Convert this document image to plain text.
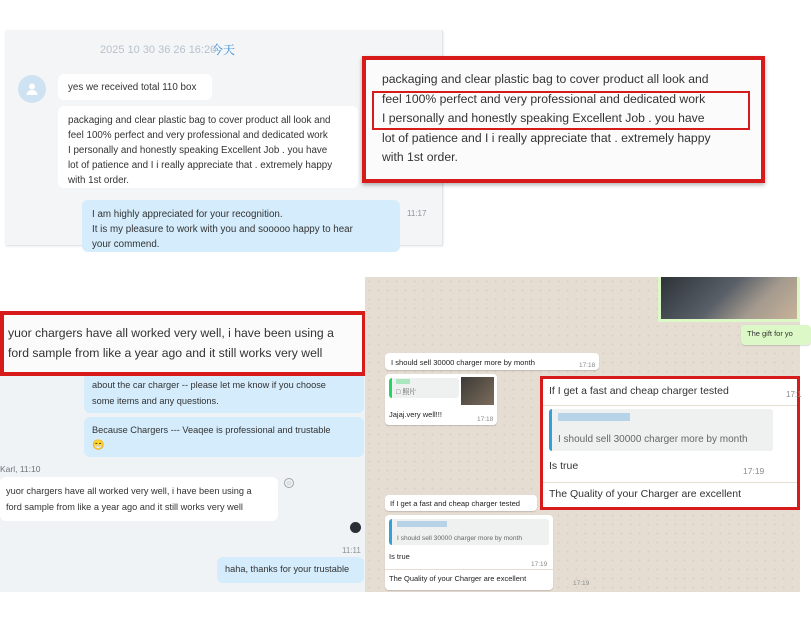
2025 10 30 36 26 16:20
今天
yes we received total 110 box
packaging and clear plastic bag to cover product all look and
feel 100% perfect and very professional and dedicated work
I personally and honestly speaking Excellent Job . you have
lot of patience and I i really appreciate that . extremely happy
with 1st order.
I am highly appreciated for your recognition.
It is my pleasure to work with you and sooooo happy to hear
your commend.
11:17
packaging and clear plastic bag to cover product all look and
feel 100% perfect and very professional and dedicated work
I personally and honestly speaking Excellent Job . you have
lot of patience and I i really appreciate that . extremely happy
with 1st order.
about the car charger -- please let me know if you choose
some items and any questions.
Because Chargers --- Veaqee is professional and trustable
😁
Karl, 11:10
yuor chargers have all worked very well, i have been using a
ford sample from like a year ago and it still works very well
☺
11:11
haha, thanks for your trustable
yuor chargers have all worked very well, i have been using a
ford sample from like a year ago and it still works very well
The gift for yo
I should sell 30000 charger more by month	17:18
□ 照片
Jajaj.very well!!!
17:18
If I get a fast and cheap charger tested
I should sell 30000 charger more by month
Is true
17:19
The Quality of your Charger are excellent
17:19
If I get a fast and cheap charger tested	17:1
I should sell 30000 charger more by month
Is true	17:19
The Quality of your Charger are excellent
